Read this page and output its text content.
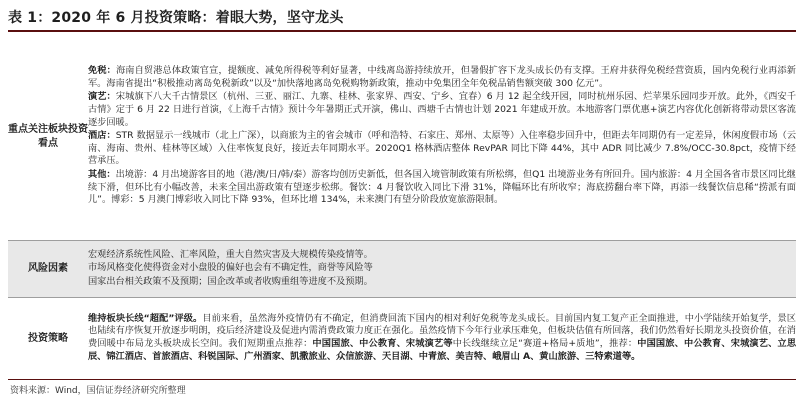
表 1：2020 年 6 月投资策略：着眼大势，坚守龙头
重点关注板块投资看点	免税：海南自贸港总体政策官宣，提额度、减免所得税等利好显著，中线离岛游持续放开，但暑假扩容下龙头成长仍有支撑。王府井获得免税经营资质，国内免税行业再添新军。海南省提出“积极推动离岛免税新政”以及“加快落地离岛免税购物新政策，推动中免集团全年免税品销售额突破 300 亿元”。

演艺：宋城旗下八大千古情景区（杭州、三亚、丽江、九寨、桂林、张家界、西安、宁乡、宜春）6 月 12 起全线开园，同时杭州乐园、烂苹果乐园同步开放。此外，《西安千古情》定于 6 月 22 日进行首演，《上海千古情》预计今年暑期正式开演，佛山、西塘千古情也计划 2021 年建成开放。本地游客门票优惠+演艺内容优化创新将带动景区客流逐步回暖。

酒店：STR 数据显示一线城市（北上广深），以商旅为主的省会城市（呼和浩特、石家庄、郑州、太原等）入住率稳步回升中，但距去年同期仍有一定差异，休闲度假市场（云南、海南、贵州、桂林等区域）入住率恢复良好，接近去年同期水平。2020Q1 格林酒店整体 RevPAR 同比下降 44%，其中 ADR 同比减少 7.8%/OCC-30.8pct，疫情下经营承压。

其他：出境游：4 月出境游客目的地（港/澳/日/韩/泰）游客均创历史新低，但各国入境管制政策有所松绑，但Q1 出境游业务有所回升。国内旅游：4 月全国各省市景区同比继续下滑，但环比有小幅改善，未来全国出游政策有望逐步松绑。餐饮：4 月餐饮收入同比下滑 31%，降幅环比有所收窄；海底捞翻台率下降，再添一线餐饮信息稀“捞派有面儿”。博彩：5 月澳门博彩收入同比下降 93%，但环比增 134%，未来澳门有望分阶段放宽旅游限制。

风险因素	宏观经济系统性风险、汇率风险，重大自然灾害及大规模传染疫情等。

市场风格变化使得资金对小盘股的偏好也会有不确定性，商誉等风险等

国家出台相关政策不及预期；国企改革或者收购重组等进度不及预期。

投资策略	维持板块长线“超配”评级。目前来看，虽然海外疫情仍有不确定，但消费回流下国内的相对利好免税等龙头成长。目前国内复工复产正全面推进，中小学陆续开始复学，景区也陆续有序恢复开放逐步明朗，疫后经济建设及促进内需消费政策力度正在强化。虽然疫情下今年行业承压难免，但板块估值有所回落，我们仍然看好长期龙头投资价值，在消费回暖中布局龙头板块成长空间。我们短期重点推荐：中国国旅、中公教育、宋城演艺等中长线继续立足“赛道+格局+质地”，推荐：中国国旅、中公教育、宋城演艺、立思辰、锦江酒店、首旅酒店、科锐国际、广州酒家、凯撒旅业、众信旅游、天目湖、中青旅、美吉特、峨眉山 A、黄山旅游、三特索道等。

资料来源：Wind，国信证券经济研究所整理
